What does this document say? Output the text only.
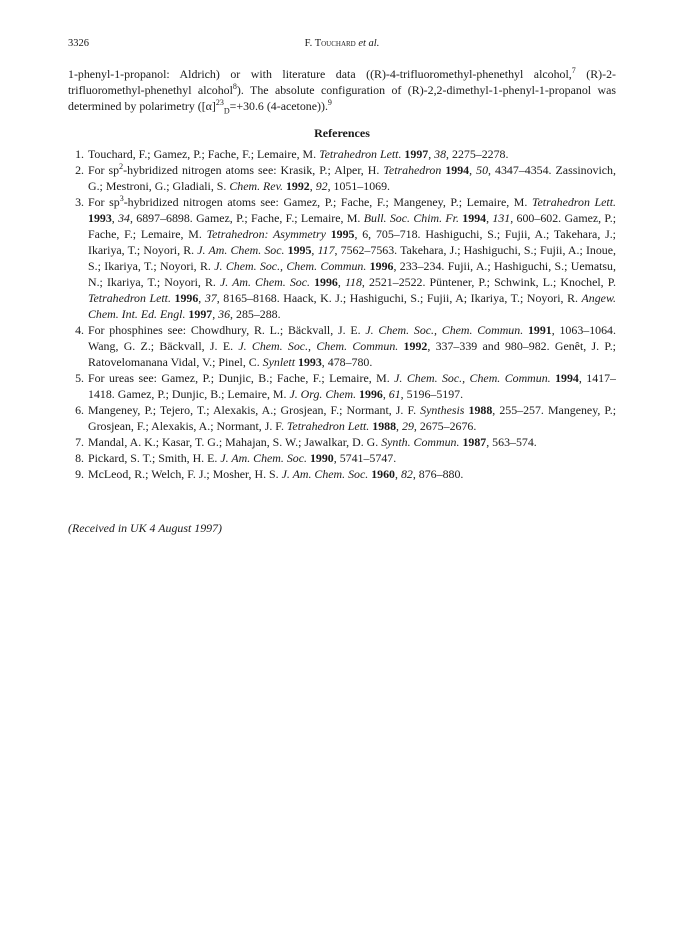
3326	F. Touchard et al.

1-phenyl-1-propanol: Aldrich) or with literature data ((R)-4-trifluoromethyl-phenethyl alcohol,$^7$ (R)-2-trifluoromethyl-phenethyl alcohol$^8$). The absolute configuration of (R)-2,2-dimethyl-1-phenyl-1-propanol was determined by polarimetry ($[\alpha]^{23}_D=+30.6$ (4-acetone)).$^9$

References
1. Touchard, F.; Gamez, P.; Fache, F.; Lemaire, M. Tetrahedron Lett. 1997, 38, 2275–2278.
2. For $sp^2$-hybridized nitrogen atoms see: Krasik, P.; Alper, H. Tetrahedron 1994, 50, 4347–4354. Zassinovich, G.; Mestroni, G.; Gladiali, S. Chem. Rev. 1992, 92, 1051–1069.
3. For $sp^3$-hybridized nitrogen atoms see: Gamez, P.; Fache, F.; Mangeney, P.; Lemaire, M. Tetrahedron Lett. 1993, 34, 6897–6898. Gamez, P.; Fache, F.; Lemaire, M. Bull. Soc. Chim. Fr. 1994, 131, 600–602. Gamez, P.; Fache, F.; Lemaire, M. Tetrahedron: Asymmetry 1995, 6, 705–718. Hashiguchi, S.; Fujii, A.; Takehara, J.; Ikariya, T.; Noyori, R. J. Am. Chem. Soc. 1995, 117, 7562–7563. Takehara, J.; Hashiguchi, S.; Fujii, A.; Inoue, S.; Ikariya, T.; Noyori, R. J. Chem. Soc., Chem. Commun. 1996, 233–234. Fujii, A.; Hashiguchi, S.; Uematsu, N.; Ikariya, T.; Noyori, R. J. Am. Chem. Soc. 1996, 118, 2521–2522. Püntener, P.; Schwink, L.; Knochel, P. Tetrahedron Lett. 1996, 37, 8165–8168. Haack, K. J.; Hashiguchi, S.; Fujii, A; Ikariya, T.; Noyori, R. Angew. Chem. Int. Ed. Engl. 1997, 36, 285–288.
4. For phosphines see: Chowdhury, R. L.; Bäckvall, J. E. J. Chem. Soc., Chem. Commun. 1991, 1063–1064. Wang, G. Z.; Bäckvall, J. E. J. Chem. Soc., Chem. Commun. 1992, 337–339 and 980–982. Genêt, J. P.; Ratovelomanana Vidal, V.; Pinel, C. Synlett 1993, 478–780.
5. For ureas see: Gamez, P.; Dunjic, B.; Fache, F.; Lemaire, M. J. Chem. Soc., Chem. Commun. 1994, 1417–1418. Gamez, P.; Dunjic, B.; Lemaire, M. J. Org. Chem. 1996, 61, 5196–5197.
6. Mangeney, P.; Tejero, T.; Alexakis, A.; Grosjean, F.; Normant, J. F. Synthesis 1988, 255–257. Mangeney, P.; Grosjean, F.; Alexakis, A.; Normant, J. F. Tetrahedron Lett. 1988, 29, 2675–2676.
7. Mandal, A. K.; Kasar, T. G.; Mahajan, S. W.; Jawalkar, D. G. Synth. Commun. 1987, 563–574.
8. Pickard, S. T.; Smith, H. E. J. Am. Chem. Soc. 1990, 5741–5747.
9. McLeod, R.; Welch, F. J.; Mosher, H. S. J. Am. Chem. Soc. 1960, 82, 876–880.
(Received in UK 4 August 1997)
